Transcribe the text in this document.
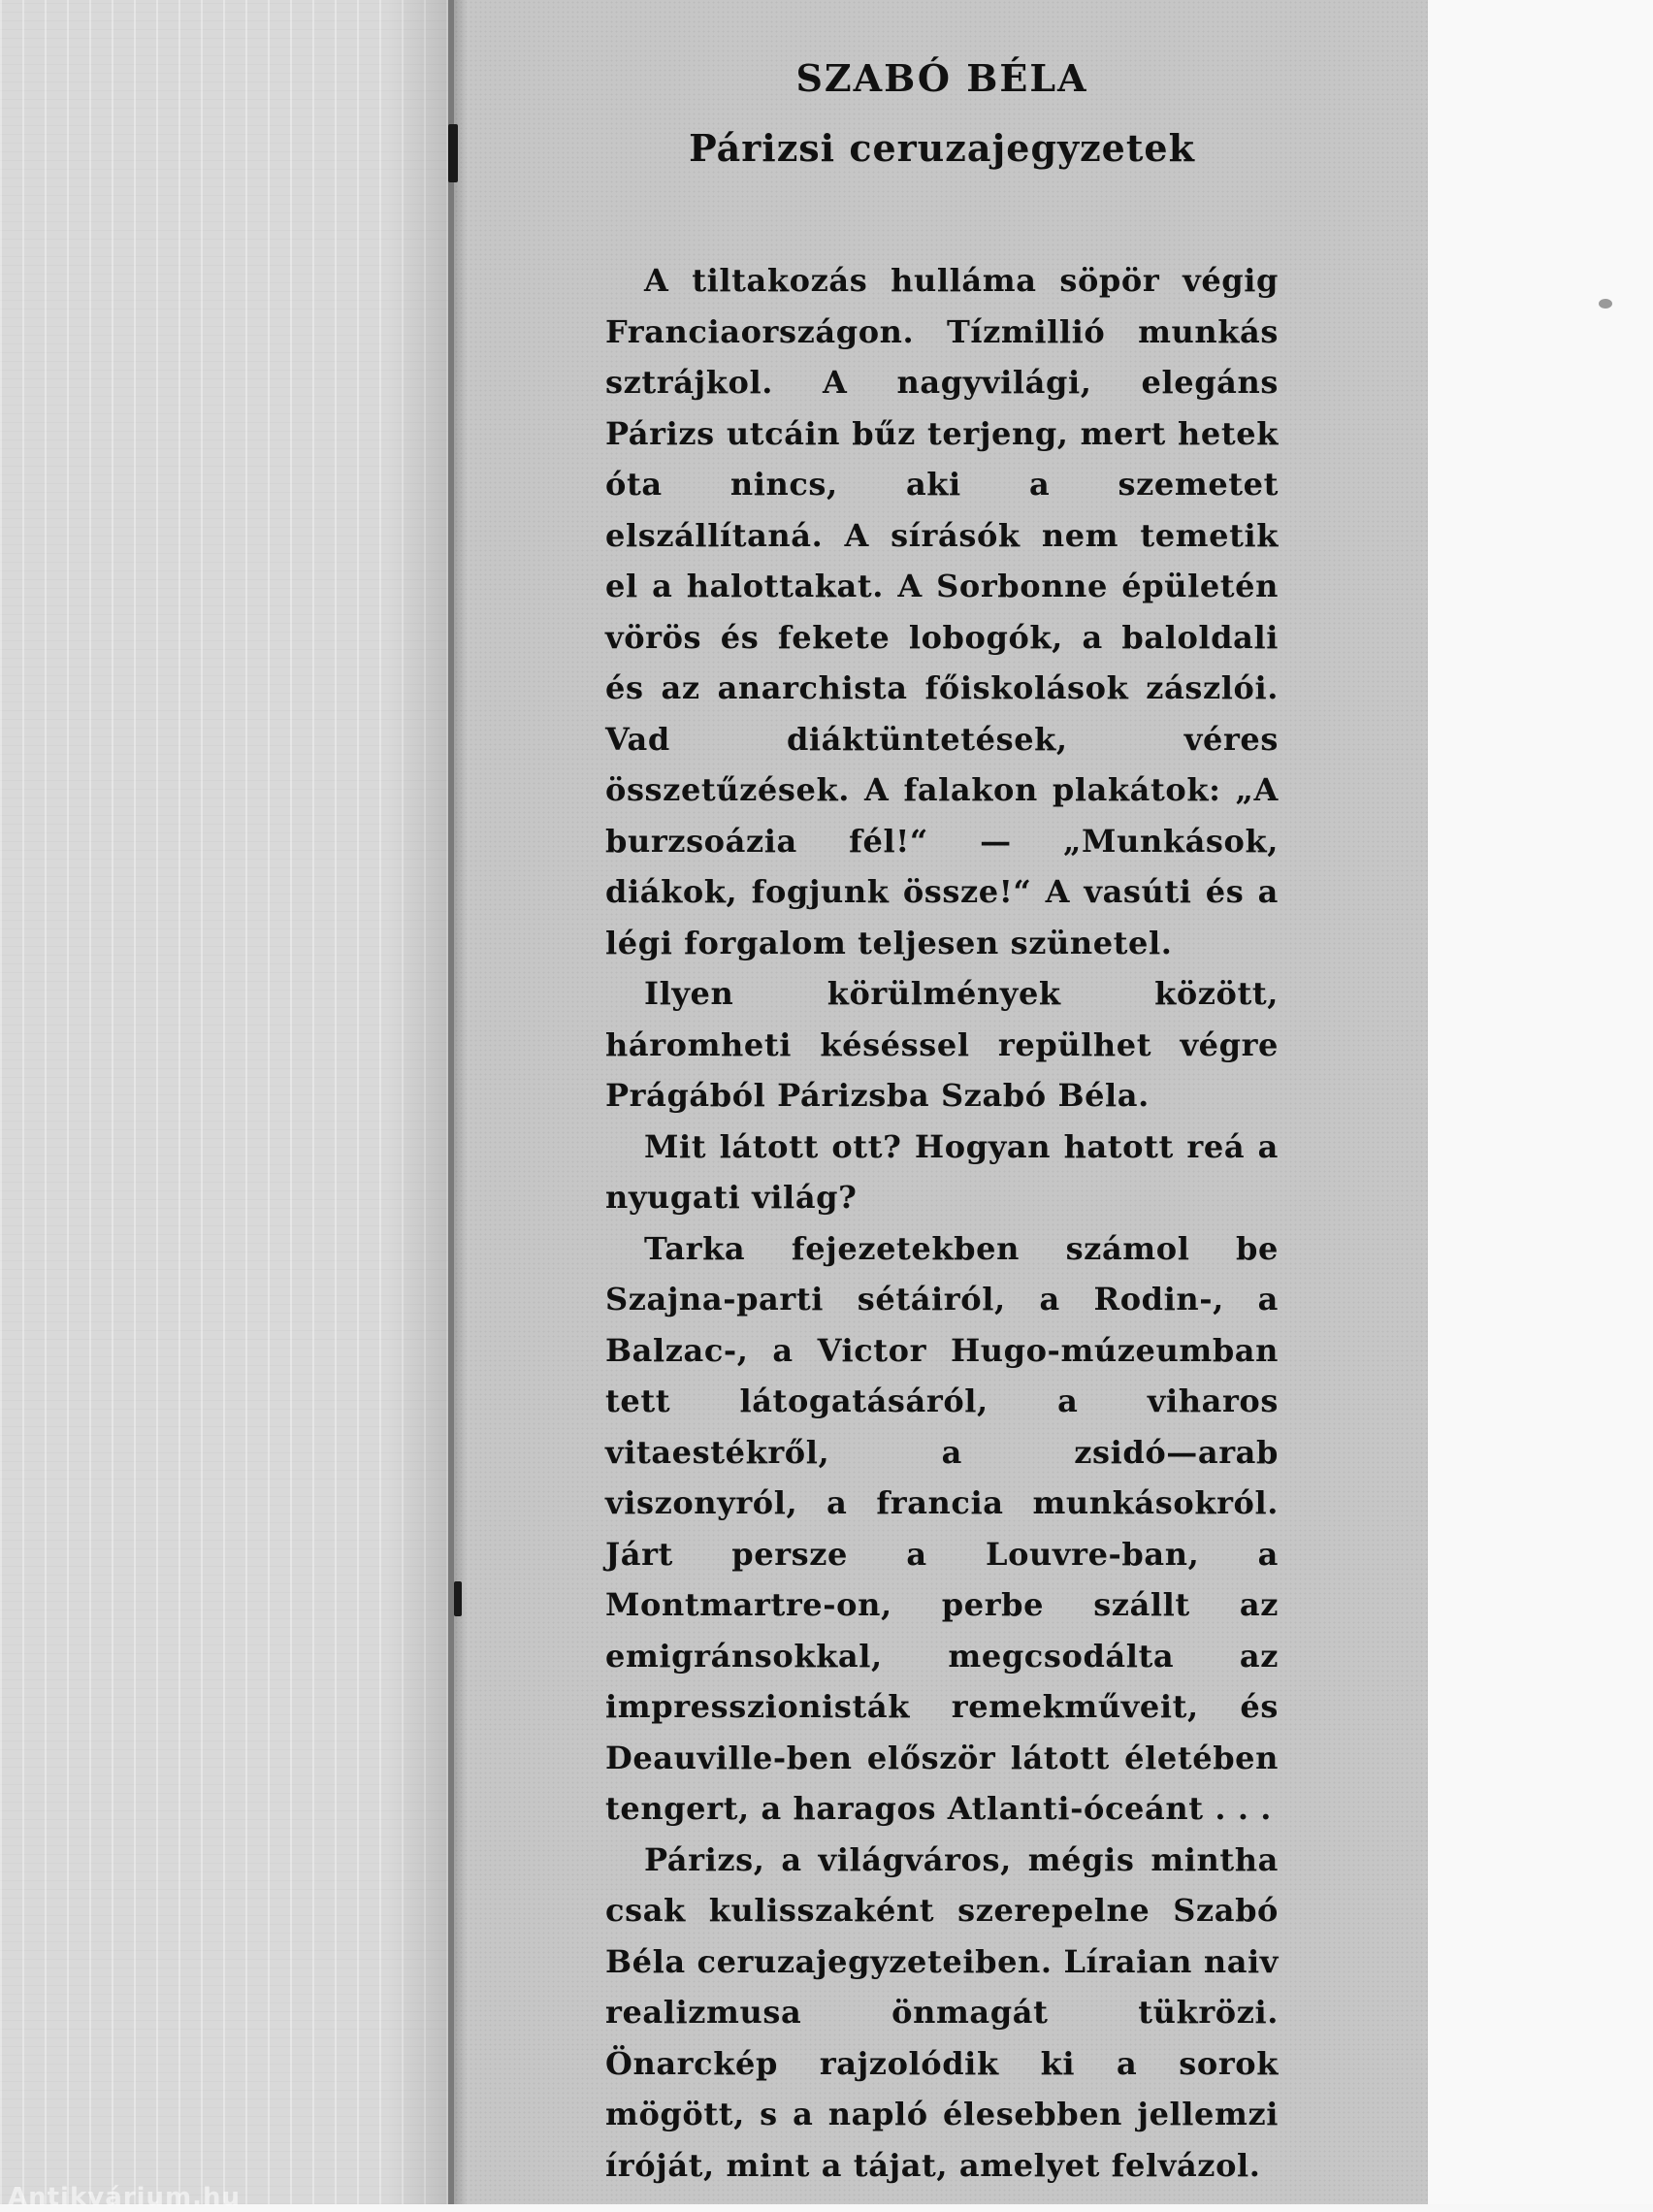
SZABÓ BÉLA
Párizsi ceruzajegyzetek

A tiltakozás hulláma söpör végig Franciaországon. Tízmillió munkás sztrájkol. A nagyvilági, elegáns Párizs utcáin bűz terjeng, mert hetek óta nincs, aki a szemetet elszállítaná. A sírásók nem temetik el a halottakat. A Sorbonne épületén vörös és fekete lobogók, a baloldali és az anarchista főiskolások zászlói. Vad diáktüntetések, véres összetűzések. A falakon plakátok: „A burzsoázia fél!“ — „Munkások, diákok, fogjunk össze!“ A vasúti és a légi forgalom teljesen szünetel.

Ilyen körülmények között, háromheti késéssel repülhet végre Prágából Párizsba Szabó Béla.

Mit látott ott? Hogyan hatott reá a nyugati világ?

Tarka fejezetekben számol be Szajna-parti sétáiról, a Rodin-, a Balzac-, a Victor Hugo-múzeumban tett látogatásáról, a viharos vitaestékről, a zsidó—arab viszonyról, a francia munkásokról. Járt persze a Louvre-ban, a Montmartre-on, perbe szállt az emigránsokkal, megcsodálta az impresszionisták remekműveit, és Deauville-ben először látott életében tengert, a haragos Atlanti-óceánt . . .

Párizs, a világváros, mégis mintha csak kulisszaként szerepelne Szabó Béla ceruzajegyzeteiben. Líraian naiv realizmusa önmagát tükrözi. Önarckép rajzolódik ki a sorok mögött, s a napló élesebben jellemzi íróját, mint a tájat, amelyet felvázol.

Antikvárium.hu
